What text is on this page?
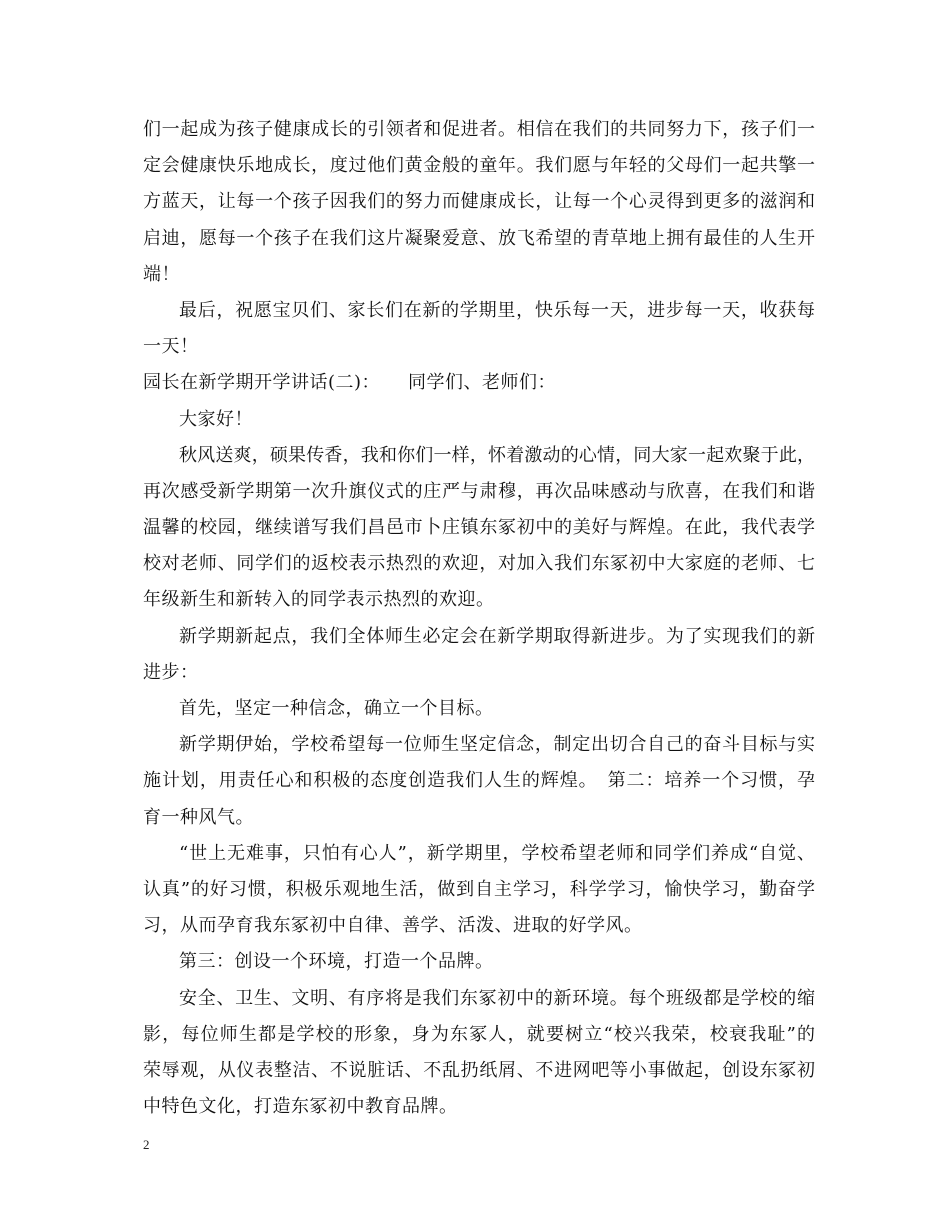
们一起成为孩子健康成长的引领者和促进者。相信在我们的共同努力下，孩子们一
定会健康快乐地成长，度过他们黄金般的童年。我们愿与年轻的父母们一起共擎一
方蓝天，让每一个孩子因我们的努力而健康成长，让每一个心灵得到更多的滋润和
启迪，愿每一个孩子在我们这片凝聚爱意、放飞希望的青草地上拥有最佳的人生开
端！
最后，祝愿宝贝们、家长们在新的学期里，快乐每一天，进步每一天，收获每
一天！
园长在新学期开学讲话(二)：　　同学们、老师们：
大家好！
秋风送爽，硕果传香，我和你们一样，怀着激动的心情，同大家一起欢聚于此，
再次感受新学期第一次升旗仪式的庄严与肃穆，再次品味感动与欣喜，在我们和谐
温馨的校园，继续谱写我们昌邑市卜庄镇东冢初中的美好与辉煌。在此，我代表学
校对老师、同学们的返校表示热烈的欢迎，对加入我们东冢初中大家庭的老师、七
年级新生和新转入的同学表示热烈的欢迎。
新学期新起点，我们全体师生必定会在新学期取得新进步。为了实现我们的新
进步：
首先，坚定一种信念，确立一个目标。
新学期伊始，学校希望每一位师生坚定信念，制定出切合自己的奋斗目标与实
施计划，用责任心和积极的态度创造我们人生的辉煌。　第二：培养一个习惯，孕
育一种风气。
“世上无难事，只怕有心人”，新学期里，学校希望老师和同学们养成“自觉、
认真”的好习惯，积极乐观地生活，做到自主学习，科学学习，愉快学习，勤奋学
习，从而孕育我东冢初中自律、善学、活泼、进取的好学风。
第三：创设一个环境，打造一个品牌。
安全、卫生、文明、有序将是我们东冢初中的新环境。每个班级都是学校的缩
影，每位师生都是学校的形象，身为东冢人，就要树立“校兴我荣，校衰我耻”的
荣辱观，从仪表整洁、不说脏话、不乱扔纸屑、不进网吧等小事做起，创设东冢初
中特色文化，打造东冢初中教育品牌。
2
